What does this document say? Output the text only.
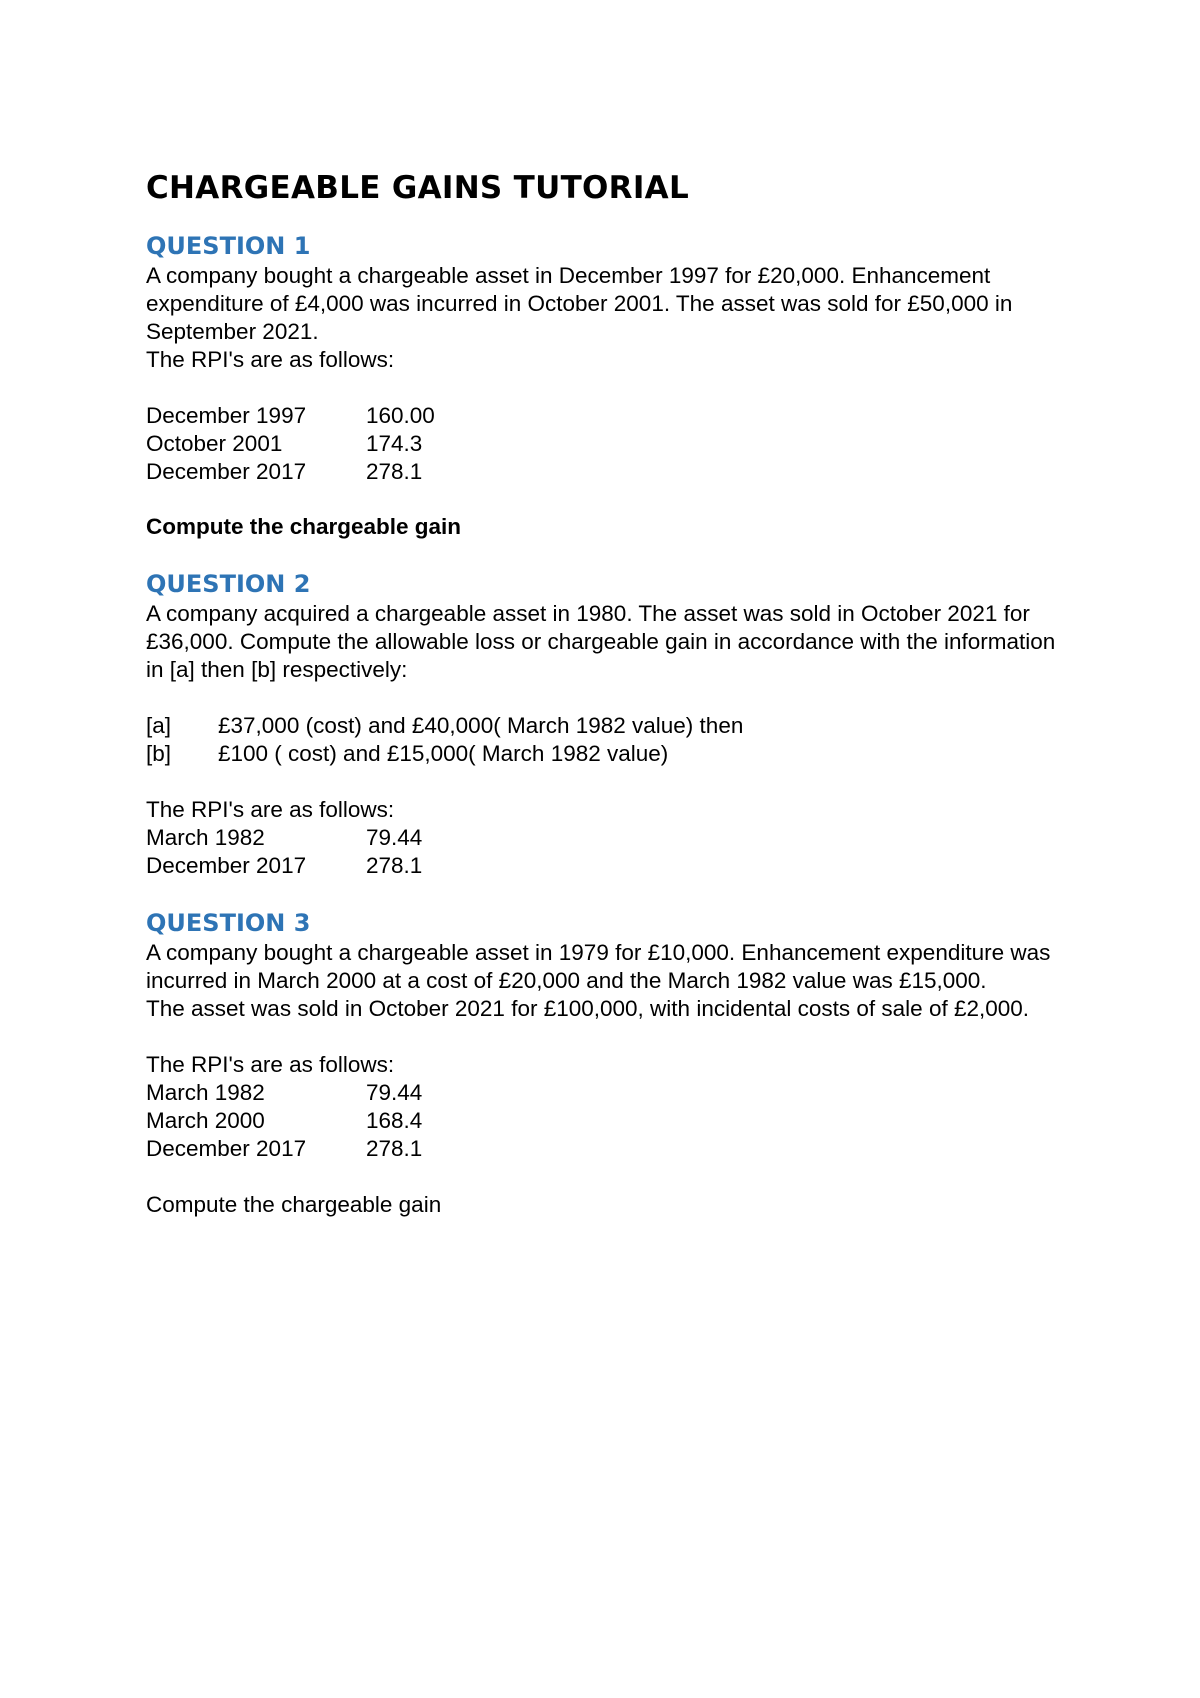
CHARGEABLE GAINS TUTORIAL
QUESTION 1

A company bought a chargeable asset in December 1997 for £20,000. Enhancement expenditure of £4,000 was incurred in October 2001. The asset was sold for £50,000 in September 2021.

The RPI's are as follows:

December 1997	160.00
October 2001	174.3
December 2017	278.1

Compute the chargeable gain

QUESTION 2

A company acquired a chargeable asset in 1980. The asset was sold in October 2021 for £36,000. Compute the allowable loss or chargeable gain in accordance with the information in [a] then [b] respectively:

[a]	£37,000 (cost) and £40,000( March 1982 value) then
[b]	£100 ( cost) and £15,000( March 1982 value)

The RPI's are as follows:

March 1982	79.44
December 2017	278.1
QUESTION 3

A company bought a chargeable asset in 1979 for £10,000. Enhancement expenditure was incurred in March 2000 at a cost of £20,000 and the March 1982 value was £15,000.

The asset was sold in October 2021 for £100,000, with incidental costs of sale of £2,000.

The RPI's are as follows:

March 1982	79.44
March 2000	168.4
December 2017	278.1

Compute the chargeable gain
